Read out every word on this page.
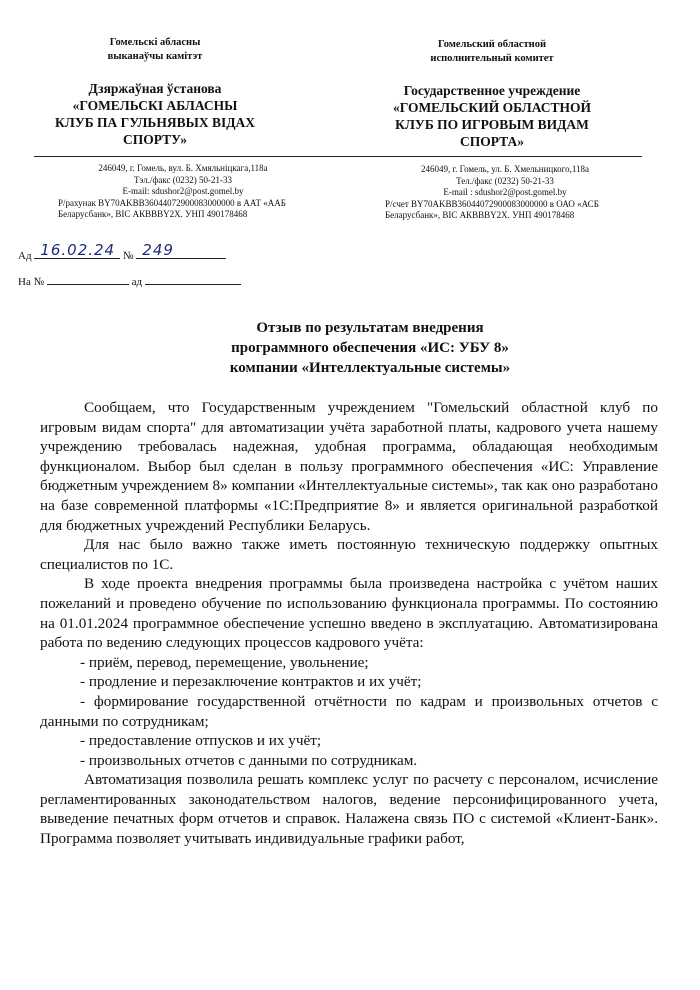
Гомельскі абласны
выканаўчы камітэт
Дзяржаўная ўстанова
«ГОМЕЛЬСКІ АБЛАСНЫ
КЛУБ ПА ГУЛЬНЯВЫХ ВІДАХ
СПОРТУ»
Гомельский областной
исполнительный комитет
Государственное учреждение
«ГОМЕЛЬСКИЙ ОБЛАСТНОЙ
КЛУБ ПО ИГРОВЫМ ВИДАМ
СПОРТА»
246049, г. Гомель, вул. Б. Хмяльніцкага,118а
Тэл./факс (0232) 50-21-33
E-mail: sdushor2@post.gomel.by
Р/рахунак BY70AKBB36044072900083000000 в ААТ «ААБ
Беларусбанк», ВІС АКВВBY2X. УНП 490178468
246049, г. Гомель, ул. Б. Хмельницкого,118а
Тел./факс (0232) 50-21-33
E-mail : sdushor2@post.gomel.by
Р/счет BY70AKBB36044072900083000000 в ОАО «АСБ
Беларусбанк», ВІС АКВВBY2X. УНП 490178468
Ад 16.02.24 № 249
На №	ад
Отзыв по результатам внедрения
программного обеспечения «ИС: УБУ 8»
компании «Интеллектуальные системы»

Сообщаем, что Государственным учреждением "Гомельский областной клуб по игровым видам спорта" для автоматизации учёта заработной платы, кадрового учета нашему учреждению требовалась надежная, удобная программа, обладающая необходимым функционалом. Выбор был сделан в пользу программного обеспечения «ИС: Управление бюджетным учреждением 8» компании «Интеллектуальные системы», так как оно разработано на базе современной платформы «1С:Предприятие 8» и является оригинальной разработкой для бюджетных учреждений Республики Беларусь.

Для нас было важно также иметь постоянную техническую поддержку опытных специалистов по 1С.

В ходе проекта внедрения программы была произведена настройка с учётом наших пожеланий и проведено обучение по использованию функционала программы. По состоянию на 01.01.2024 программное обеспечение успешно введено в эксплуатацию. Автоматизирована работа по ведению следующих процессов кадрового учёта:

- приём, перевод, перемещение, увольнение;

- продление и перезаключение контрактов и их учёт;

- формирование государственной отчётности по кадрам и произвольных отчетов с данными по сотрудникам;

- предоставление отпусков и их учёт;

- произвольных отчетов с данными по сотрудникам.

Автоматизация позволила решать комплекс услуг по расчету с персоналом, исчисление регламентированных законодательством налогов, ведение персонифицированного учета, выведение печатных форм отчетов и справок. Налажена связь ПО с системой «Клиент-Банк». Программа позволяет учитывать индивидуальные графики работ,
